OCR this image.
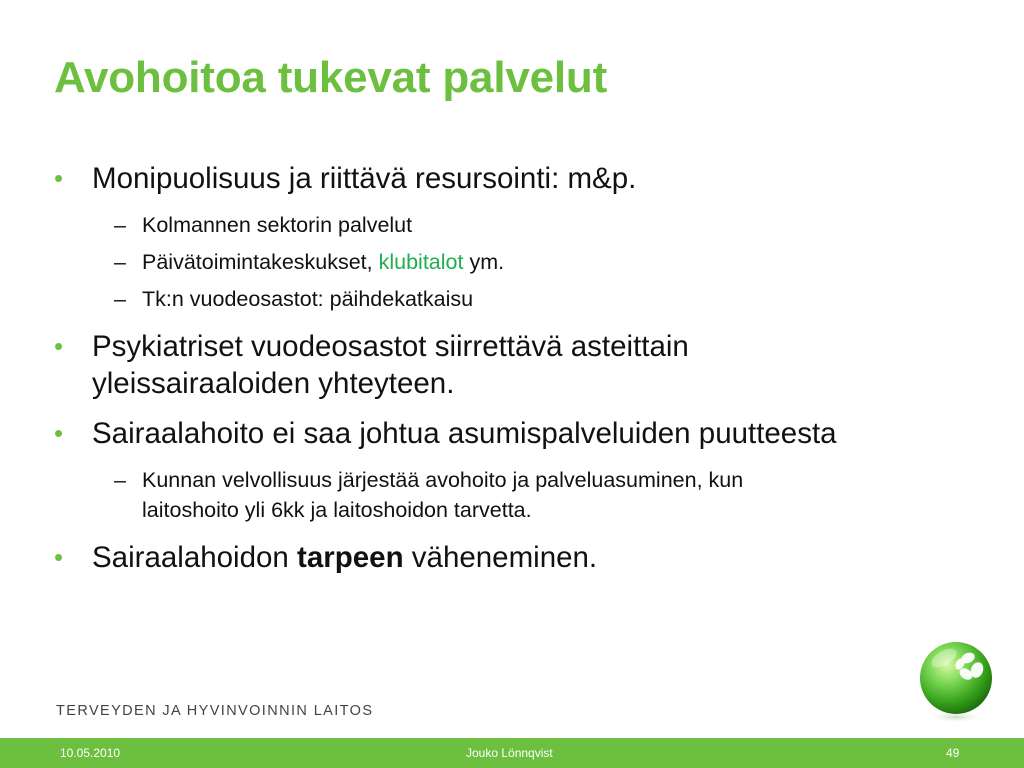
Avohoitoa tukevat palvelut
• Monipuolisuus ja riittävä resursointi: m&p.
– Kolmannen sektorin palvelut
– Päivätoimintakeskukset, klubitalot ym.
– Tk:n vuodeosastot: päihdekatkaisu
• Psykiatriset vuodeosastot siirrettävä asteittain
yleissairaaloiden yhteyteen.
• Sairaalahoito ei saa johtua asumispalveluiden puutteesta
– Kunnan velvollisuus järjestää avohoito ja palveluasuminen, kun
laitoshoito yli 6kk ja laitoshoidon tarvetta.
• Sairaalahoidon tarpeen väheneminen.
TERVEYDEN JA HYVINVOINNIN LAITOS
10.05.2010	Jouko Lönnqvist	49
